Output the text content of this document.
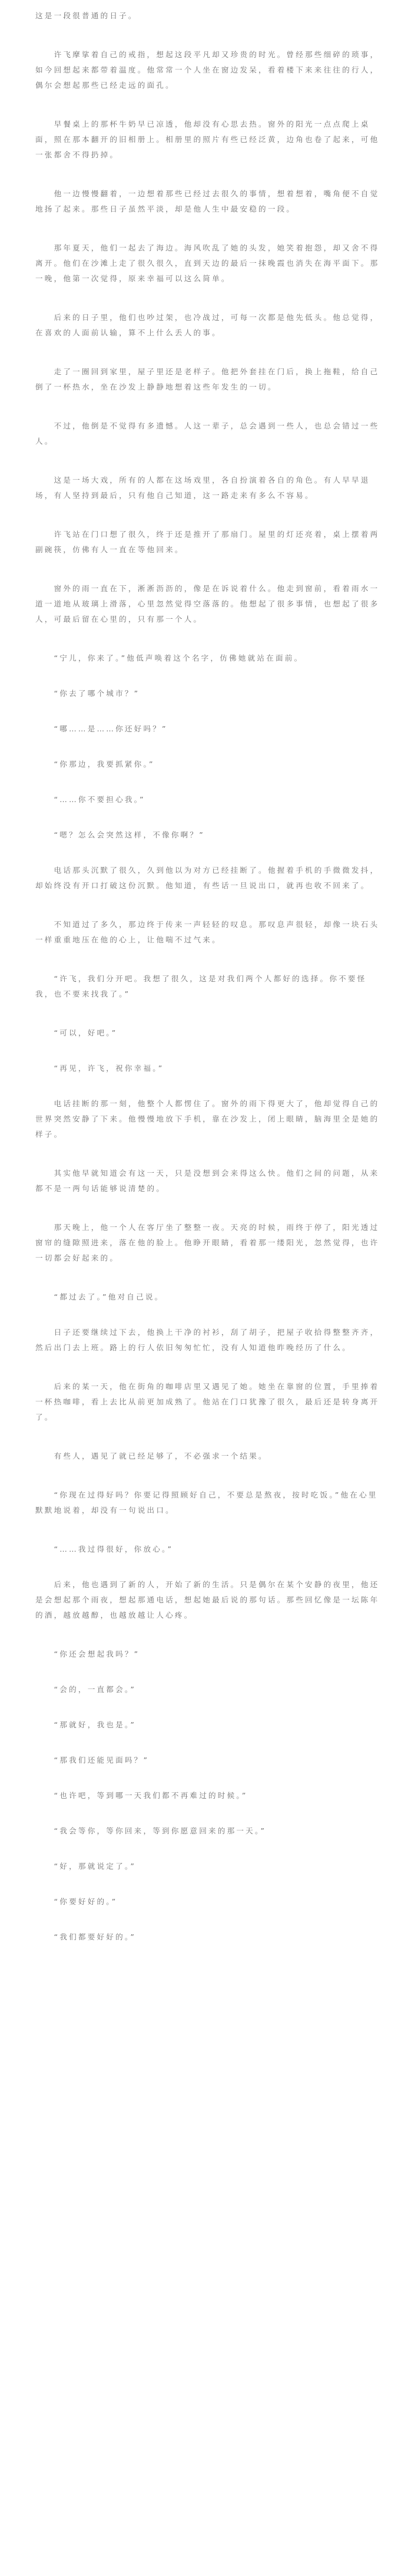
这是一段很普通的日子。

　　许飞摩挲着自己的戒指，想起这段平凡却又珍贵的时光。曾经那些细碎的琐事，如今回想起来都带着温度。他常常一个人坐在窗边发呆，看着楼下来来往往的行人，偶尔会想起那些已经走远的面孔。

　　早餐桌上的那杯牛奶早已凉透，他却没有心思去热。窗外的阳光一点点爬上桌面，照在那本翻开的旧相册上。相册里的照片有些已经泛黄，边角也卷了起来，可他一张都舍不得扔掉。

　　他一边慢慢翻着，一边想着那些已经过去很久的事情，想着想着，嘴角便不自觉地扬了起来。那些日子虽然平淡，却是他人生中最安稳的一段。

　　那年夏天，他们一起去了海边。海风吹乱了她的头发，她笑着抱怨，却又舍不得离开。他们在沙滩上走了很久很久，直到天边的最后一抹晚霞也消失在海平面下。那一晚，他第一次觉得，原来幸福可以这么简单。

　　后来的日子里，他们也吵过架，也冷战过，可每一次都是他先低头。他总觉得，在喜欢的人面前认输，算不上什么丢人的事。

　　走了一圈回到家里，屋子里还是老样子。他把外套挂在门后，换上拖鞋，给自己倒了一杯热水，坐在沙发上静静地想着这些年发生的一切。

　　不过，他倒是不觉得有多遗憾。人这一辈子，总会遇到一些人，也总会错过一些人。

　　这是一场大戏，所有的人都在这场戏里，各自扮演着各自的角色。有人早早退场，有人坚持到最后，只有他自己知道，这一路走来有多么不容易。

　　许飞站在门口想了很久，终于还是推开了那扇门。屋里的灯还亮着，桌上摆着两副碗筷，仿佛有人一直在等他回来。

　　窗外的雨一直在下，淅淅沥沥的，像是在诉说着什么。他走到窗前，看着雨水一道一道地从玻璃上滑落，心里忽然觉得空落落的。他想起了很多事情，也想起了很多人，可最后留在心里的，只有那一个人。

　　“宁儿，你来了。”他低声唤着这个名字，仿佛她就站在面前。

　　“你去了哪个城市？”

　　“哪……是……你还好吗？”

　　“你那边，我要抓紧你。”

　　“……你不要担心我。”

　　“嗯？怎么会突然这样，不像你啊？”

　　电话那头沉默了很久，久到他以为对方已经挂断了。他握着手机的手微微发抖，却始终没有开口打破这份沉默。他知道，有些话一旦说出口，就再也收不回来了。

　　不知道过了多久，那边终于传来一声轻轻的叹息。那叹息声很轻，却像一块石头一样重重地压在他的心上，让他喘不过气来。

　　“许飞，我们分开吧。我想了很久，这是对我们两个人都好的选择。你不要怪我，也不要来找我了。”

　　“可以，好吧。”

　　“再见，许飞，祝你幸福。”

　　电话挂断的那一刻，他整个人都愣住了。窗外的雨下得更大了，他却觉得自己的世界突然安静了下来。他慢慢地放下手机，靠在沙发上，闭上眼睛，脑海里全是她的样子。

　　其实他早就知道会有这一天，只是没想到会来得这么快。他们之间的问题，从来都不是一两句话能够说清楚的。

　　那天晚上，他一个人在客厅坐了整整一夜。天亮的时候，雨终于停了，阳光透过窗帘的缝隙照进来，落在他的脸上。他睁开眼睛，看着那一缕阳光，忽然觉得，也许一切都会好起来的。

　　“都过去了。”他对自己说。

　　日子还要继续过下去，他换上干净的衬衫，刮了胡子，把屋子收拾得整整齐齐，然后出门去上班。路上的行人依旧匆匆忙忙，没有人知道他昨晚经历了什么。

　　后来的某一天，他在街角的咖啡店里又遇见了她。她坐在靠窗的位置，手里捧着一杯热咖啡，看上去比从前更加成熟了。他站在门口犹豫了很久，最后还是转身离开了。

　　有些人，遇见了就已经足够了，不必强求一个结果。

　　“你现在过得好吗？你要记得照顾好自己，不要总是熬夜，按时吃饭。”他在心里默默地说着，却没有一句说出口。

　　“……我过得很好，你放心。”

　　后来，他也遇到了新的人，开始了新的生活。只是偶尔在某个安静的夜里，他还是会想起那个雨夜，想起那通电话，想起她最后说的那句话。那些回忆像是一坛陈年的酒，越放越醇，也越放越让人心疼。

　　“你还会想起我吗？”

　　“会的，一直都会。”

　　“那就好，我也是。”

　　“那我们还能见面吗？”

　　“也许吧，等到哪一天我们都不再难过的时候。”

　　“我会等你，等你回来，等到你愿意回来的那一天。”

　　“好，那就说定了。”

　　“你要好好的。”

　　“我们都要好好的。”
